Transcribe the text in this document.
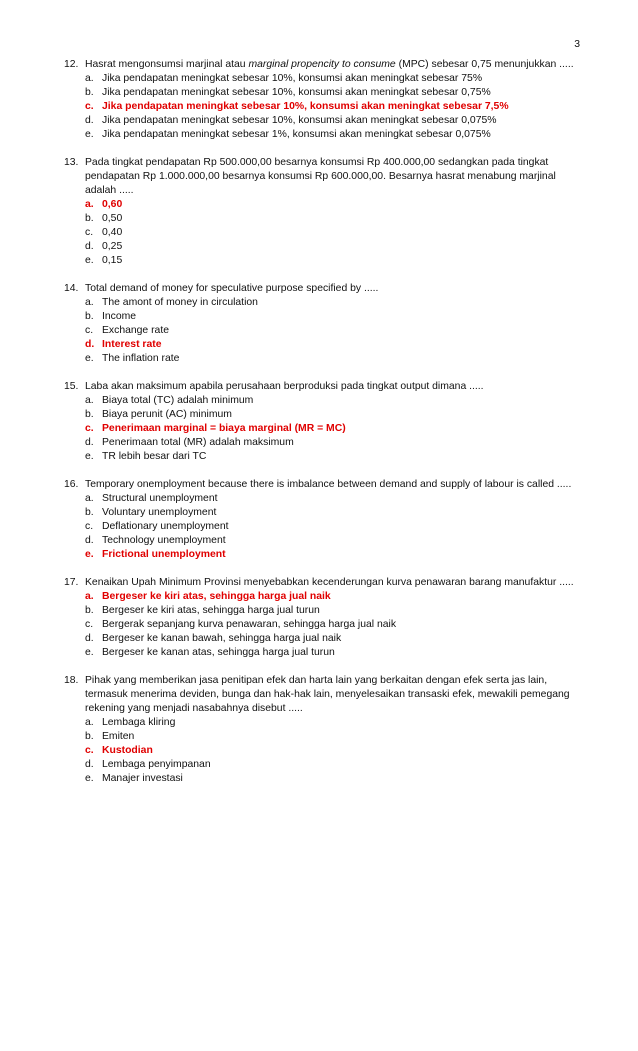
3
12. Hasrat mengonsumsi marjinal atau marginal propencity to consume (MPC) sebesar 0,75 menunjukkan .....
a. Jika pendapatan meningkat sebesar 10%, konsumsi akan meningkat sebesar 75%
b. Jika pendapatan meningkat sebesar 10%, konsumsi akan meningkat sebesar 0,75%
c. Jika pendapatan meningkat sebesar 10%, konsumsi akan meningkat sebesar 7,5%
d. Jika pendapatan meningkat sebesar 10%, konsumsi akan meningkat sebesar 0,075%
e. Jika pendapatan meningkat sebesar 1%, konsumsi akan meningkat sebesar 0,075%
13. Pada tingkat pendapatan Rp 500.000,00 besarnya konsumsi Rp 400.000,00 sedangkan pada tingkat pendapatan Rp 1.000.000,00 besarnya konsumsi Rp 600.000,00. Besarnya hasrat menabung marjinal adalah .....
a. 0,60
b. 0,50
c. 0,40
d. 0,25
e. 0,15
14. Total demand of money for speculative purpose specified by .....
a. The amont of money in circulation
b. Income
c. Exchange rate
d. Interest rate
e. The inflation rate
15. Laba akan maksimum apabila perusahaan berproduksi pada tingkat output dimana .....
a. Biaya total (TC) adalah minimum
b. Biaya perunit (AC) minimum
c. Penerimaan marginal = biaya marginal (MR = MC)
d. Penerimaan total (MR) adalah maksimum
e. TR lebih besar dari TC
16. Temporary onemployment because there is imbalance between demand and supply of labour is called .....
a. Structural unemployment
b. Voluntary unemployment
c. Deflationary unemployment
d. Technology unemployment
e. Frictional unemployment
17. Kenaikan Upah Minimum Provinsi menyebabkan kecenderungan kurva penawaran barang manufaktur .....
a. Bergeser ke kiri atas, sehingga harga jual naik
b. Bergeser ke kiri atas, sehingga harga jual turun
c. Bergerak sepanjang kurva penawaran, sehingga harga jual naik
d. Bergeser ke kanan bawah, sehingga harga jual naik
e. Bergeser ke kanan atas, sehingga harga jual turun
18. Pihak yang memberikan jasa penitipan efek dan harta lain yang berkaitan dengan efek serta jas lain, termasuk menerima deviden, bunga dan hak-hak lain, menyelesaikan transaski efek, mewakili pemegang rekening yang menjadi nasabahnya disebut .....
a. Lembaga kliring
b. Emiten
c. Kustodian
d. Lembaga penyimpanan
e. Manajer investasi
